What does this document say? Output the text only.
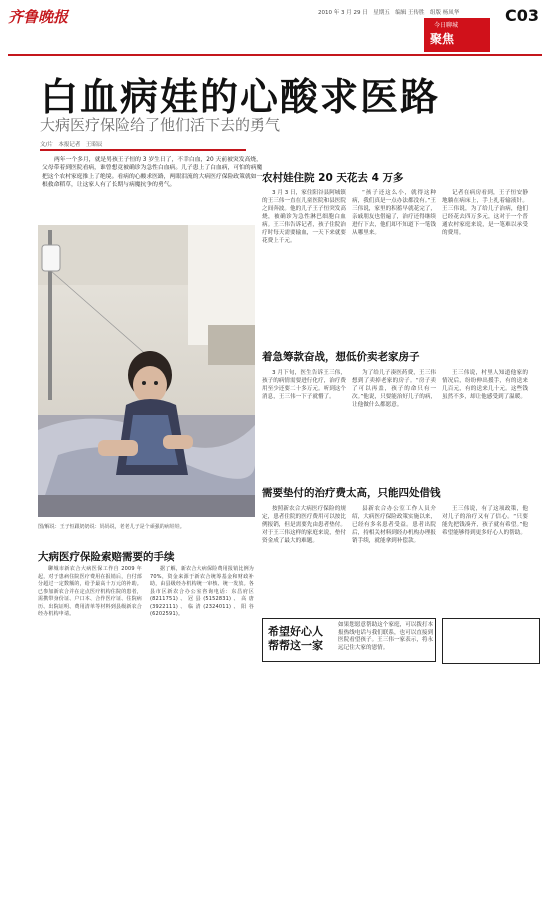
齐鲁晚报	2010 年 3 月 29 日　星期五　编辑 王传胜　组版 杨凤华
今日聊城
聚焦
C03
白血病娃的心酸求医路
大病医疗保险给了他们活下去的勇气
文/片　本报记者　王昭辰
两年一个多月，就是男孩王子恒的 3 岁生日了，不幸白血，20 天前被突发高烧，父母带着到医院看病，谁曾想竟被确诊为急性白血病。儿子患上了白血病，可怕的病魔把这个农村家庭推上了绝境。看病的心酸求医路，两眼泪流的大病医疗保险政策就如一根救命稻草，让这家人有了长期与病魔抗争的勇气。
图/解说：王子恒跟奶奶说：妈妈说，老老儿子是个顽强的病娃娃。
大病医疗保险索赔需要的手续
聊城市新农合大病医保工作自 2009 年起，对于患病住院医疗费用在报销后，自付部分超过一定数额的，给予最高十万元的补助。已参加新农合并在定点医疗机构住院的患者，需携带身份证、户口本、合作医疗证、住院病历、出院证明、费用清单等材料到县级新农合经办机构申请。
据了解，新农合大病保险费用报销比例为 70%，资金来源于新农合统筹基金和财政补助，由县级经办机构统一审核、统一发放。各县市区新农合办公室咨询电话：东昌府区(8211751)、冠县(5152831)、高唐(3922111)、临清(2324011)、阳谷(6202591)。
农村娃住院 20 天花去 4 万多
3 月 3 日，家住阳谷县阿城镇的王三伟一直在儿童医院和县医院之间奔波。他的儿子王子恒突发高烧，被确诊为急性淋巴细胞白血病。王三伟告诉记者，孩子住院治疗时每天需要输血，一天下来就要花费上千元。
“孩子还这么小，就得这种病，我们真是一点办法都没有。”王三伟说，家里的积蓄早就花完了，亲戚朋友也借遍了，治疗还得继续进行下去，他们却不知道下一笔钱从哪里来。
记者在病房看到，王子恒安静地躺在病床上，手上扎着输液针。王三伟说，为了给儿子治病，他们已经花去四万多元，这对于一个普通农村家庭来说，是一笔难以承受的费用。
着急筹款奋战，想低价卖老家房子
3 月下旬，医生告诉王三伟，孩子的病情需要进行化疗，治疗费用至少还要二十多万元。听到这个消息，王三伟一下子就懵了。
为了给儿子凑医药费，王三伟想到了卖掉老家的房子。“房子卖了可以再盖，孩子的命只有一次。”他说，只要能治好儿子的病，让他做什么都愿意。
王三伟说，村里人知道他家的情况后，纷纷伸出援手，有的送来几百元，有的送来几十元。这些钱虽然不多，却让他感受到了温暖。
需要垫付的治疗费太高，只能四处借钱
按照新农合大病医疗保险的规定，患者住院的医疗费用可以按比例报销，但是需要先由患者垫付。对于王三伟这样的家庭来说，垫付资金成了最大的难题。
县新农合办公室工作人员介绍，大病医疗保险政策实施以来，已经有多名患者受益。患者出院后，持相关材料到经办机构办理报销手续，就能拿到补偿款。
王三伟说，有了这项政策，他对儿子的治疗又有了信心。“只要能先把钱凑齐，孩子就有希望。”他希望能够得到更多好心人的帮助。
希望好心人帮帮这一家
如果您愿意帮助这个家庭，可以拨打本报热线电话与我们联系，也可以直接到医院看望孩子。王三伟一家表示，将永远记住大家的恩情。
